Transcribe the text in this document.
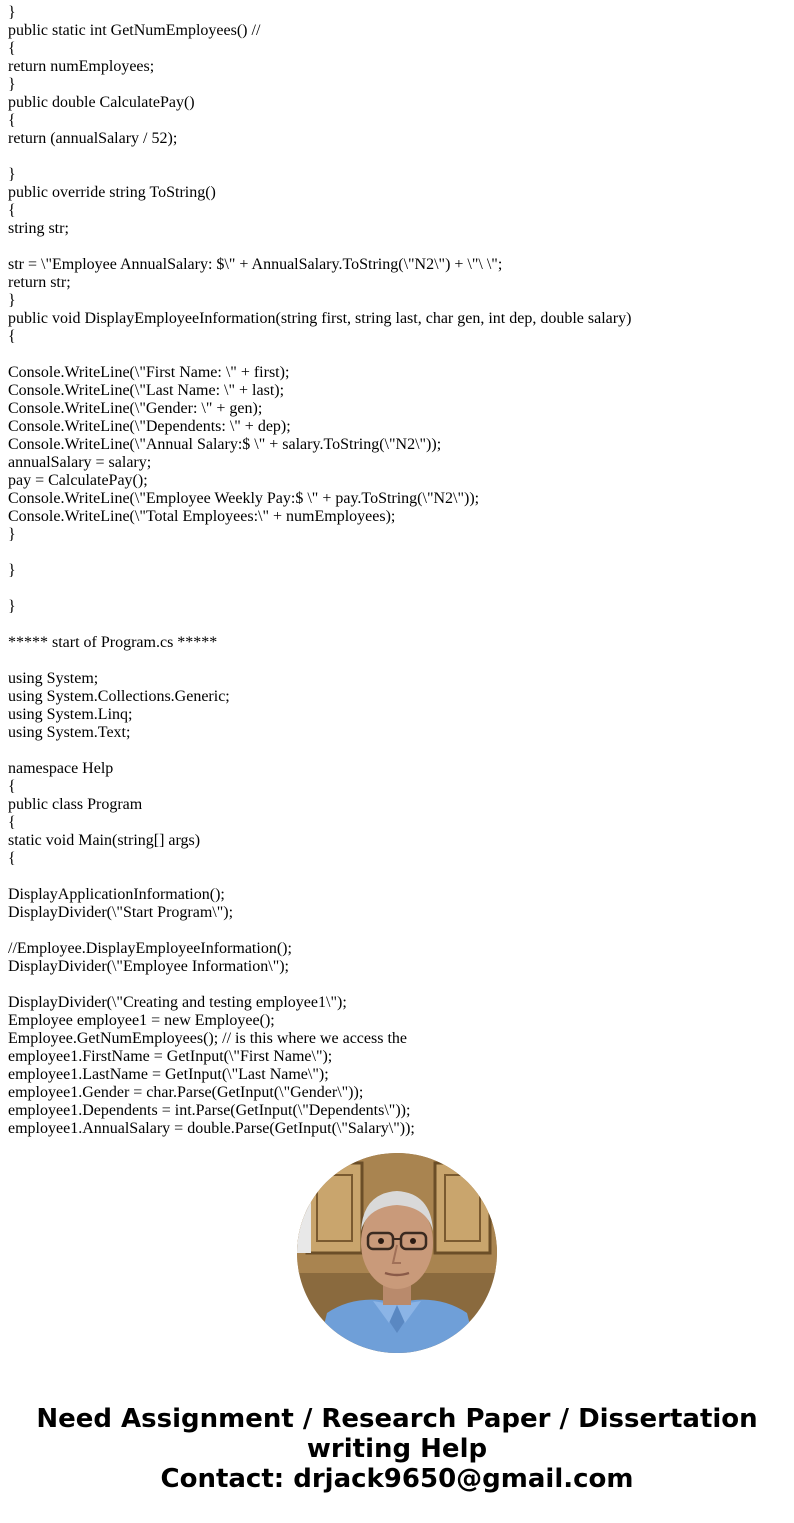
}
public static int GetNumEmployees() //
{
return numEmployees;
}
public double CalculatePay()
{
return (annualSalary / 52);
}
public override string ToString()
{
string str;
str = \"Employee AnnualSalary: $\" + AnnualSalary.ToString(\"N2\") + \"\ \";
return str;
}
public void DisplayEmployeeInformation(string first, string last, char gen, int dep, double salary)
{
Console.WriteLine(\"First Name: \" + first);
Console.WriteLine(\"Last Name: \" + last);
Console.WriteLine(\"Gender: \" + gen);
Console.WriteLine(\"Dependents: \" + dep);
Console.WriteLine(\"Annual Salary:$ \" + salary.ToString(\"N2\"));
annualSalary = salary;
pay = CalculatePay();
Console.WriteLine(\"Employee Weekly Pay:$ \" + pay.ToString(\"N2\"));
Console.WriteLine(\"Total Employees:\" + numEmployees);
}
}
}
***** start of Program.cs *****
using System;
using System.Collections.Generic;
using System.Linq;
using System.Text;
namespace Help
{
public class Program
{
static void Main(string[] args)
{
DisplayApplicationInformation();
DisplayDivider(\"Start Program\");
//Employee.DisplayEmployeeInformation();
DisplayDivider(\"Employee Information\");
DisplayDivider(\"Creating and testing employee1\");
Employee employee1 = new Employee();
Employee.GetNumEmployees(); // is this where we access the
employee1.FirstName = GetInput(\"First Name\");
employee1.LastName = GetInput(\"Last Name\");
employee1.Gender = char.Parse(GetInput(\"Gender\"));
employee1.Dependents = int.Parse(GetInput(\"Dependents\"));
employee1.AnnualSalary = double.Parse(GetInput(\"Salary\"));
Need Assignment / Research Paper / Dissertation
writing Help
Contact: drjack9650@gmail.com
